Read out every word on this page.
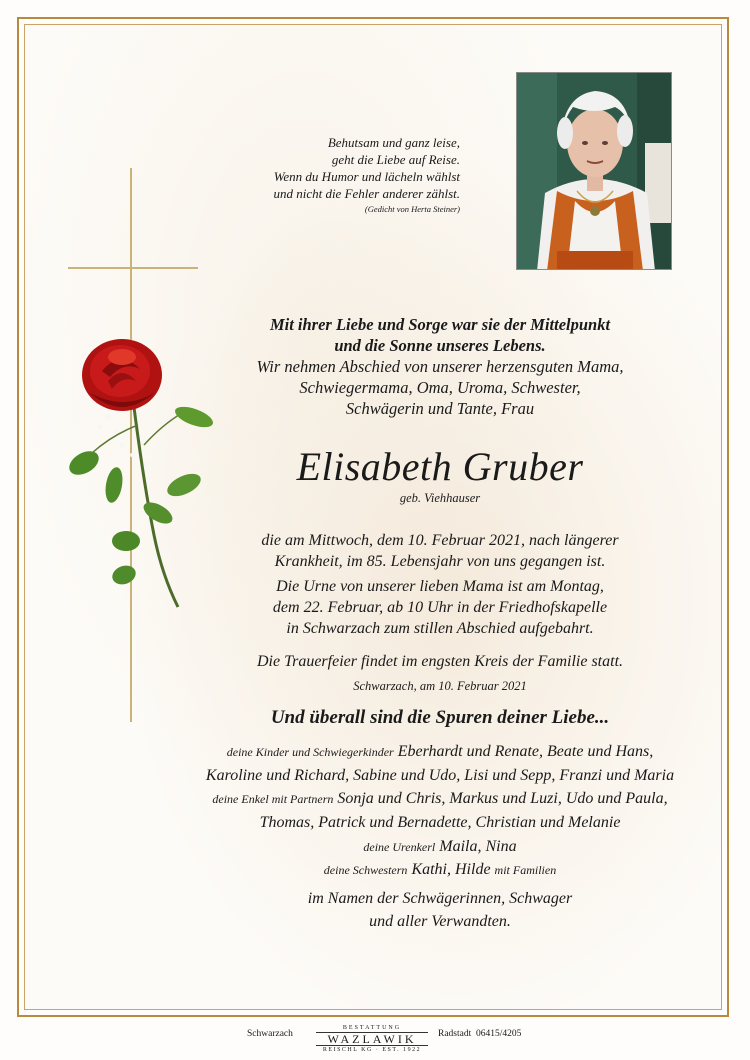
Behutsam und ganz leise,
geht die Liebe auf Reise.
Wenn du Humor und lächeln wählst
und nicht die Fehler anderer zählst.
(Gedicht von Herta Steiner)
Mit ihrer Liebe und Sorge war sie der Mittelpunkt
und die Sonne unseres Lebens.
Wir nehmen Abschied von unserer herzensguten Mama,
Schwiegermama, Oma, Uroma, Schwester,
Schwägerin und Tante, Frau
Elisabeth Gruber
geb. Viehhauser
die am Mittwoch, dem 10. Februar 2021, nach längerer
Krankheit, im 85. Lebensjahr von uns gegangen ist.
Die Urne von unserer lieben Mama ist am Montag,
dem 22. Februar, ab 10 Uhr in der Friedhofskapelle
in Schwarzach zum stillen Abschied aufgebahrt.
Die Trauerfeier findet im engsten Kreis der Familie statt.
Schwarzach, am 10. Februar 2021
Und überall sind die Spuren deiner Liebe...
deine Kinder und Schwiegerkinder Eberhardt und Renate, Beate und Hans,
Karoline und Richard, Sabine und Udo, Lisi und Sepp, Franzi und Maria
deine Enkel mit Partnern Sonja und Chris, Markus und Luzi, Udo und Paula,
Thomas, Patrick und Bernadette, Christian und Melanie
deine Urenkerl Maila, Nina
deine Schwestern Kathi, Hilde mit Familien
im Namen der Schwägerinnen, Schwager
und aller Verwandten.
Schwarzach
BESTATTUNG
WAZLAWIK
REISCHL KG · EST. 1922
Radstadt 06415/4205
